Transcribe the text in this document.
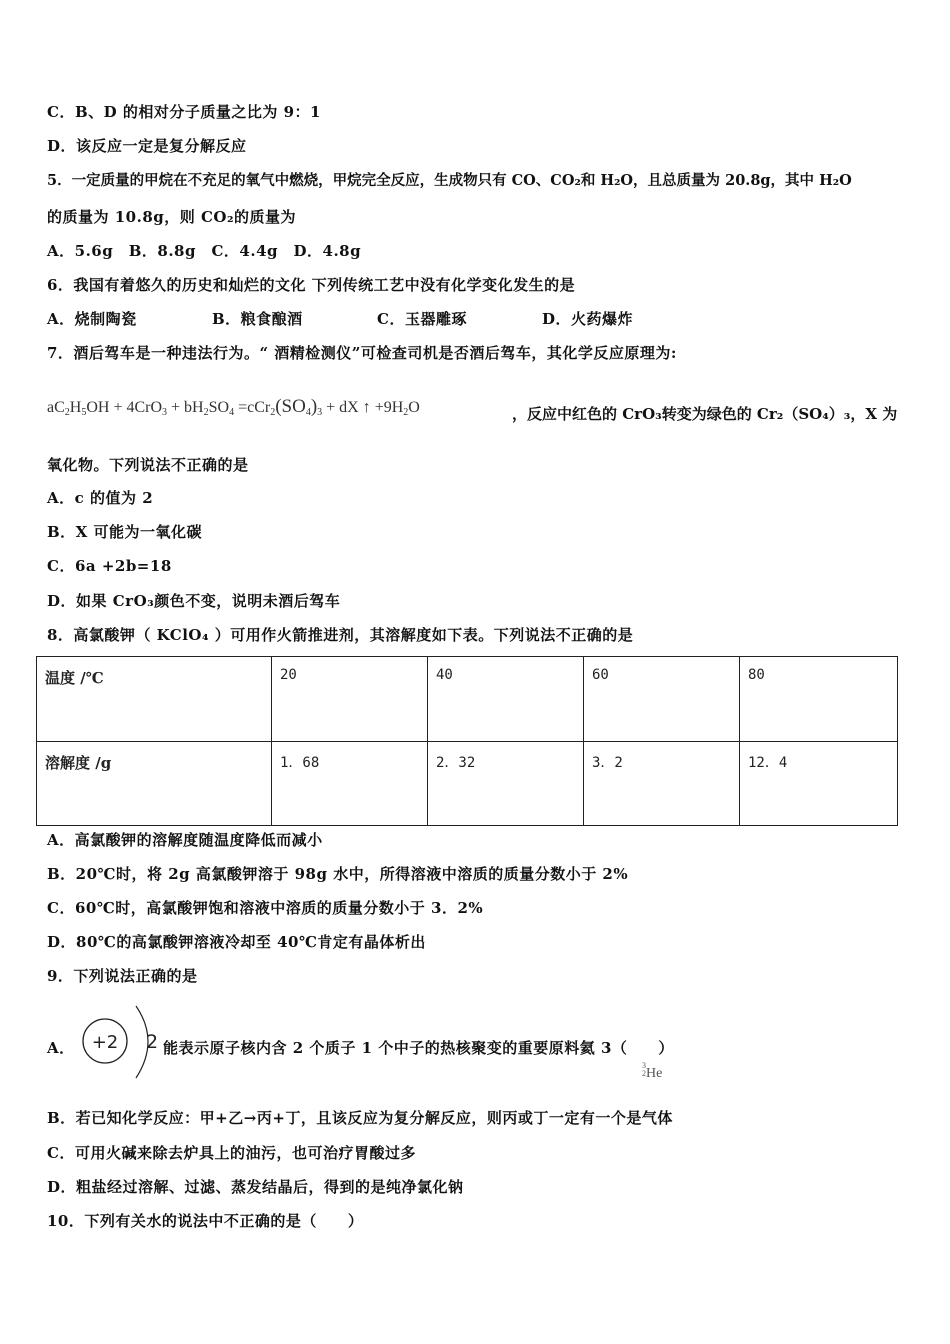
C．B、D 的相对分子质量之比为 9：1
D．该反应一定是复分解反应
5．一定质量的甲烷在不充足的氧气中燃烧，甲烷完全反应，生成物只有 CO、CO₂和 H₂O，且总质量为 20.8g，其中 H₂O
的质量为 10.8g，则 CO₂的质量为
A．5.6g　B．8.8g　C．4.4g　D．4.8g
6．我国有着悠久的历史和灿烂的文化 下列传统工艺中没有化学变化发生的是
A．烧制陶瓷	B．粮食酿酒	C．玉器雕琢	D．火药爆炸
7．酒后驾车是一种违法行为。“ 酒精检测仪”可检查司机是否酒后驾车，其化学反应原理为:
$aC_2H_5OH + 4CrO_3 + bH_2SO_4 =cCr_2(SO_4)_3$ + dX ↑ $+9H_2O$	，反应中红色的 CrO₃转变为绿色的 Cr₂（SO₄）₃，X 为
氧化物。下列说法不正确的是
A．c 的值为 2
B．X 可能为一氧化碳
C．6a +2b=18
D．如果 CrO₃颜色不变，说明未酒后驾车
8．高氯酸钾（ KClO₄ ）可用作火箭推进剂，其溶解度如下表。下列说法不正确的是
温度 /℃	20	40	60	80
溶解度 /g	1．68	2．32	3．2	12．4
A．高氯酸钾的溶解度随温度降低而减小
B．20℃时，将 2g 高氯酸钾溶于 98g 水中，所得溶液中溶质的质量分数小于 2%
C．60℃时，高氯酸钾饱和溶液中溶质的质量分数小于 3．2%
D．80℃的高氯酸钾溶液冷却至 40℃肯定有晶体析出
9．下列说法正确的是
A． +2 2 能表示原子核内含 2 个质子 1 个中子的热核聚变的重要原料氦 3（　　）
3
2He
B．若已知化学反应：甲+乙→丙+丁，且该反应为复分解反应，则丙或丁一定有一个是气体
C．可用火碱来除去炉具上的油污，也可治疗胃酸过多
D．粗盐经过溶解、过滤、蒸发结晶后，得到的是纯净氯化钠
10．下列有关水的说法中不正确的是（　　）
